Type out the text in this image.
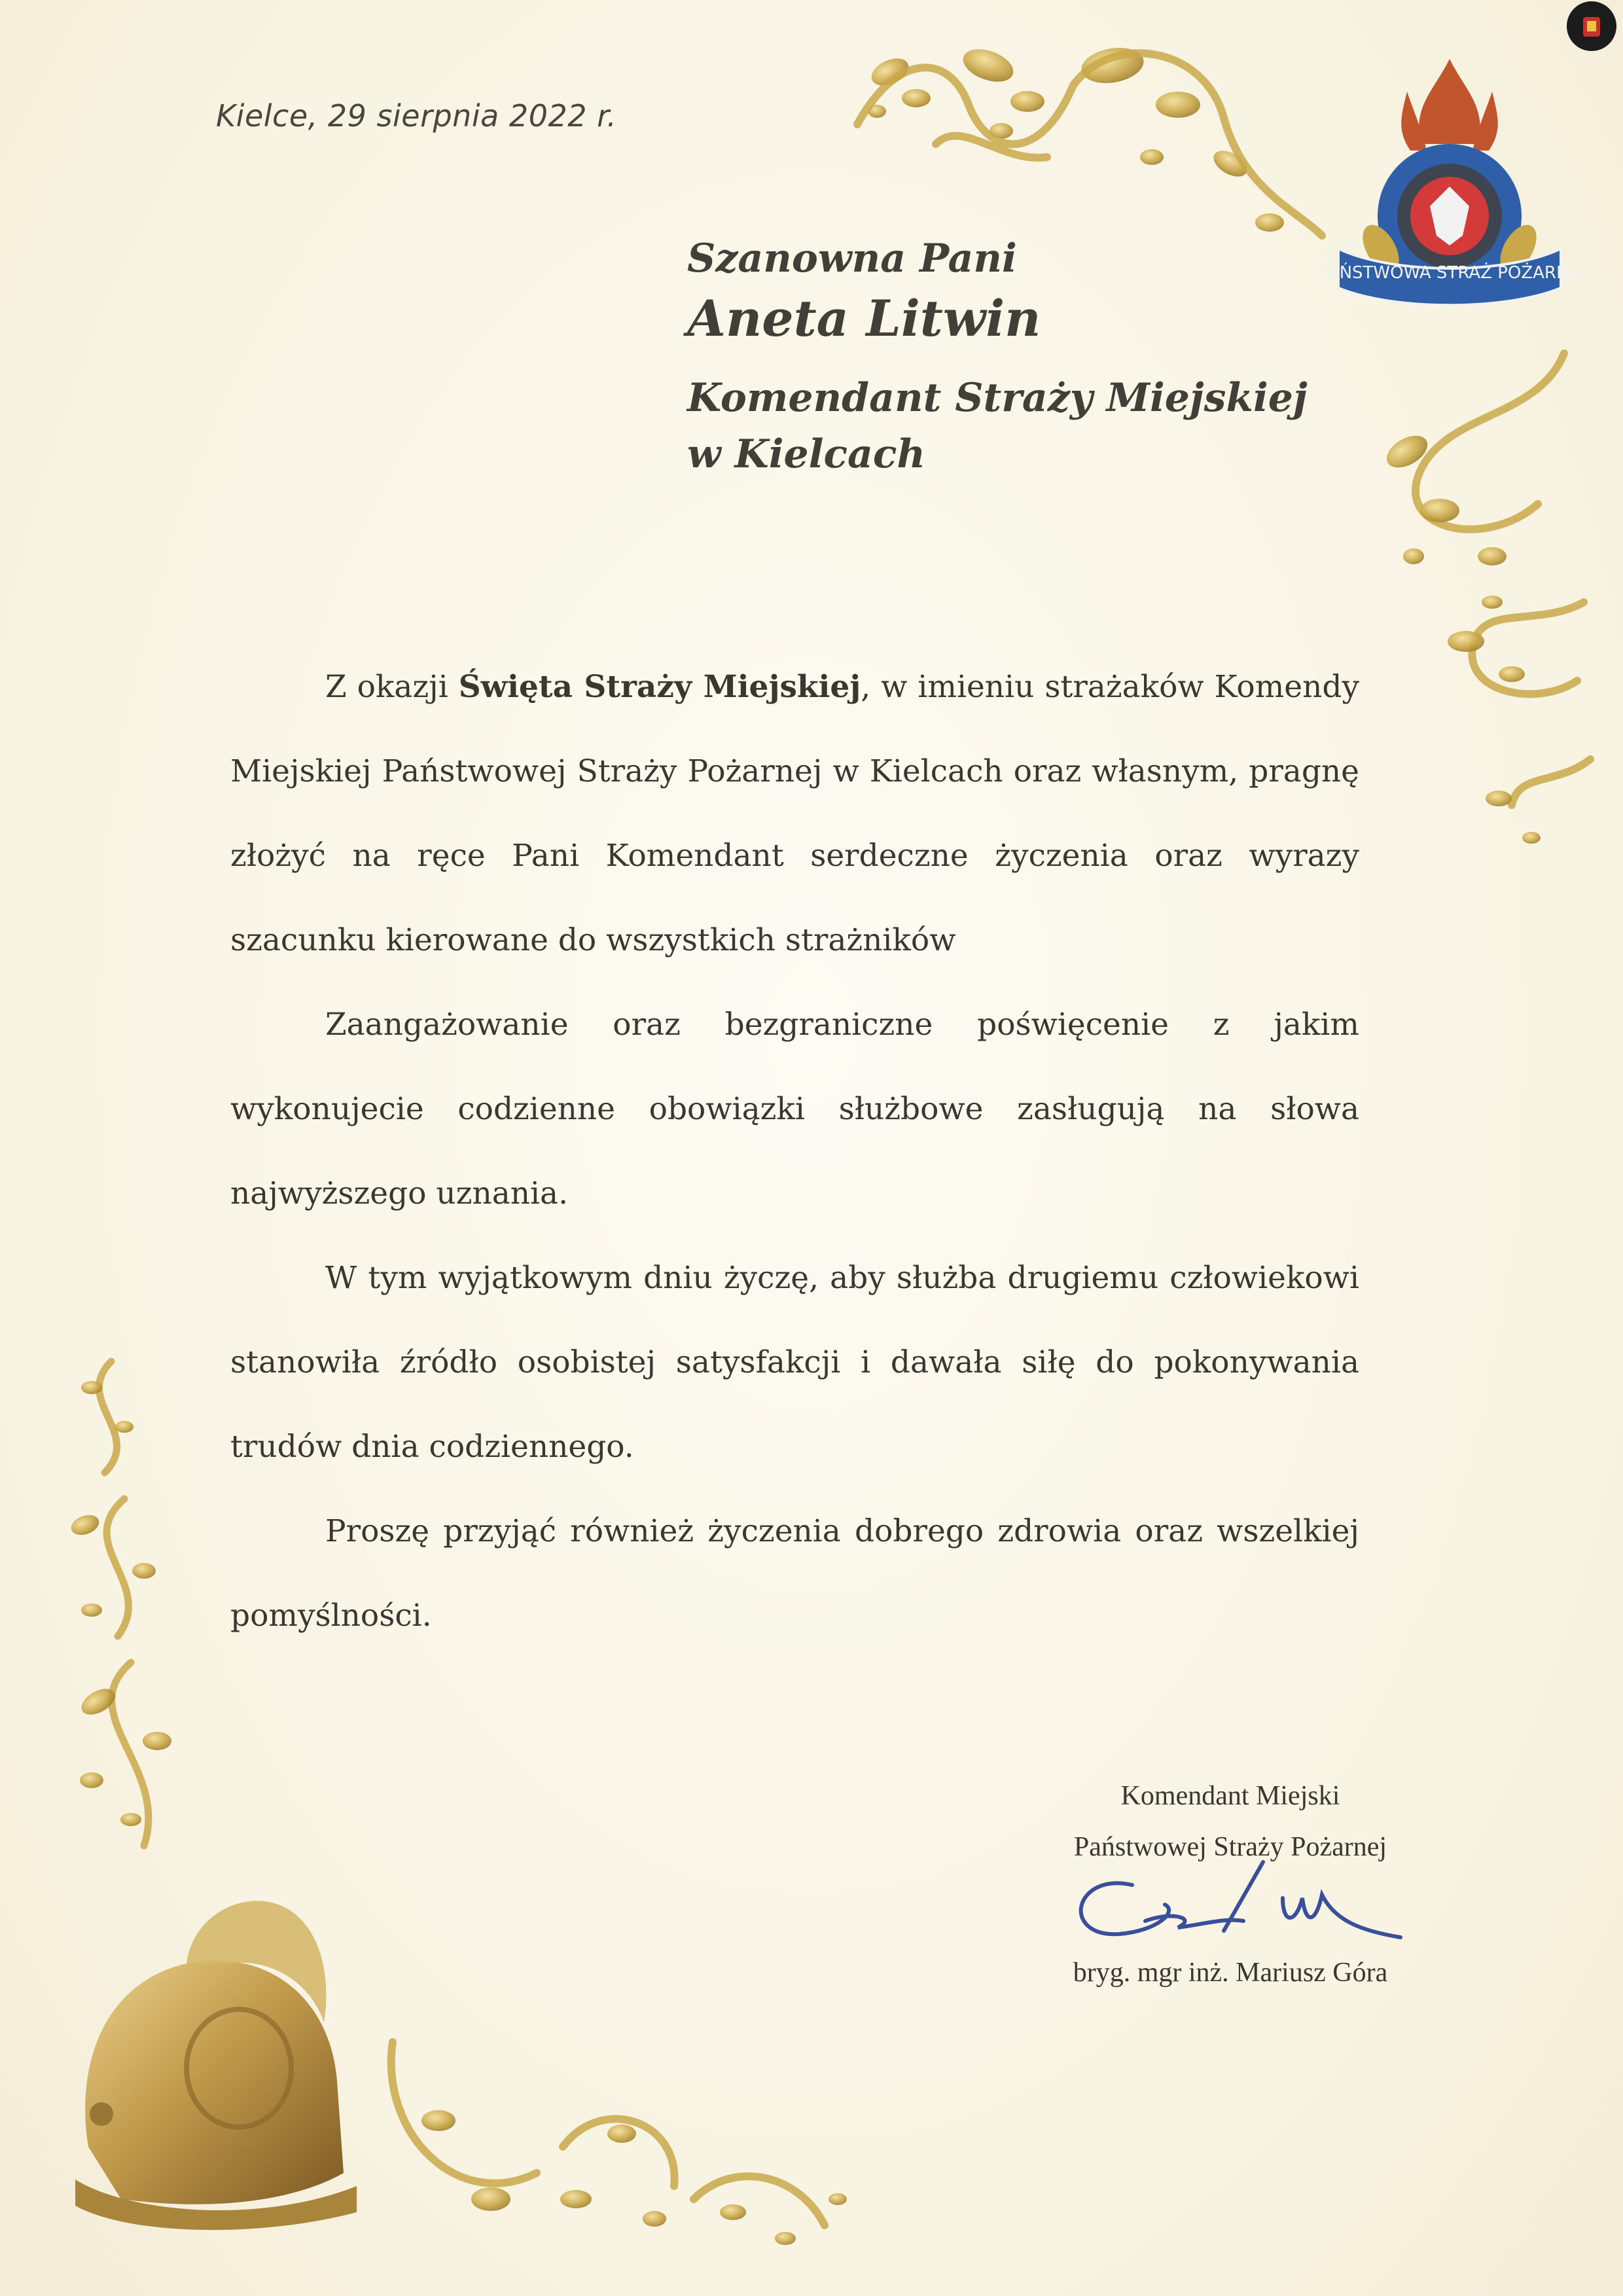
PAŃSTWOWA STRAŻ POŻARNA
Kielce, 29 sierpnia 2022 r.
Szanowna Pani
Aneta Litwin
Komendant Straży Miejskiej
w Kielcach

Z okazji Święta Straży Miejskiej, w imieniu strażaków Komendy Miejskiej Państwowej Straży Pożarnej w Kielcach oraz własnym, pragnę złożyć na ręce Pani Komendant serdeczne życzenia oraz wyrazy szacunku kierowane do wszystkich strażników

Zaangażowanie oraz bezgraniczne poświęcenie z jakim wykonujecie codzienne obowiązki służbowe zasługują na słowa najwyższego uznania.

W tym wyjątkowym dniu życzę, aby służba drugiemu człowiekowi stanowiła źródło osobistej satysfakcji i dawała siłę do pokonywania trudów dnia codziennego.

Proszę przyjąć również życzenia dobrego zdrowia oraz wszelkiej pomyślności.

Komendant Miejski
Państwowej Straży Pożarnej
bryg. mgr inż. Mariusz Góra
